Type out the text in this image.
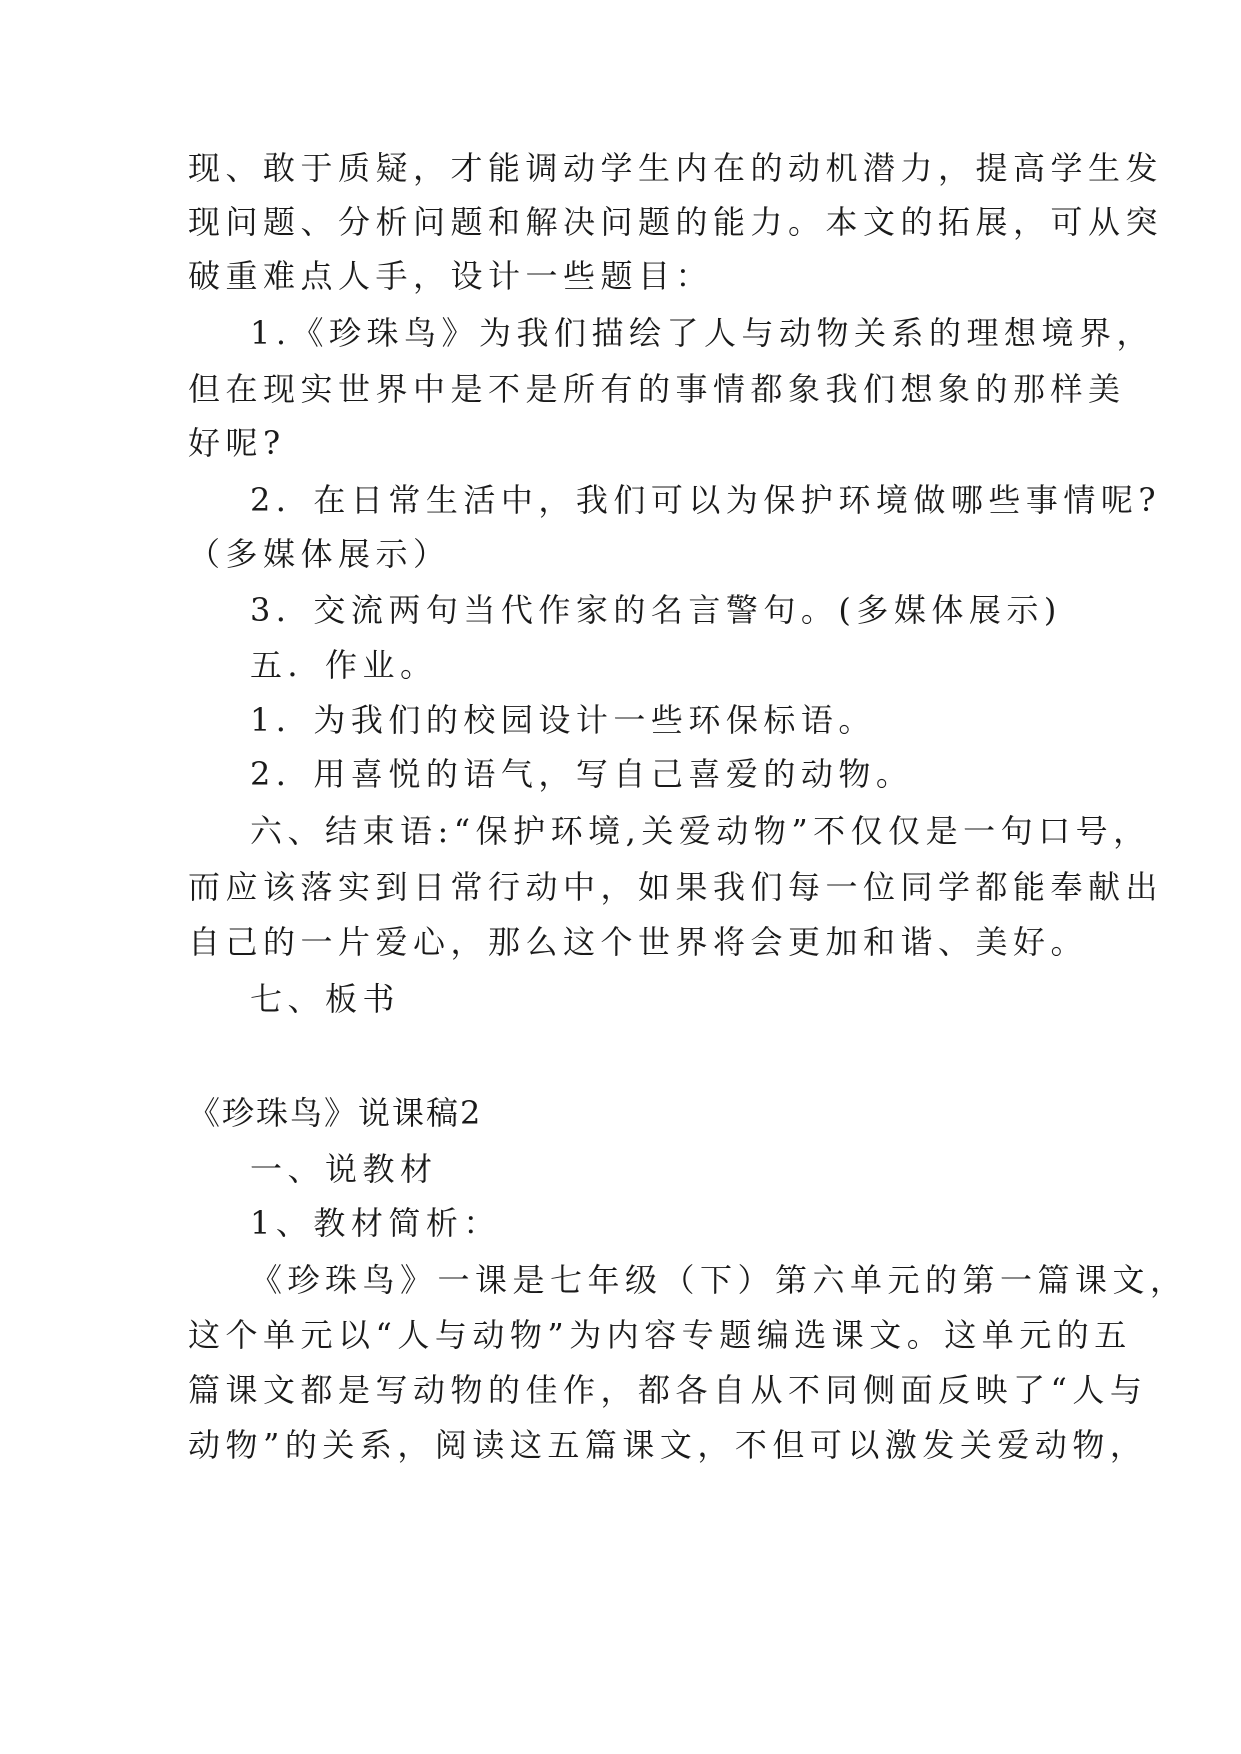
现、敢于质疑，才能调动学生内在的动机潜力，提高学生发
现问题、分析问题和解决问题的能力。本文的拓展，可从突
破重难点人手，设计一些题目：
1.《珍珠鸟》为我们描绘了人与动物关系的理想境界，
但在现实世界中是不是所有的事情都象我们想象的那样美
好呢?
2．在日常生活中，我们可以为保护环境做哪些事情呢?
（多媒体展示）
3．交流两句当代作家的名言警句。(多媒体展示)
五．作业。
1．为我们的校园设计一些环保标语。
2．用喜悦的语气，写自己喜爱的动物。
六、结束语:“保护环境,关爱动物”不仅仅是一句口号，
而应该落实到日常行动中，如果我们每一位同学都能奉献出
自己的一片爱心，那么这个世界将会更加和谐、美好。
七、板书
《珍珠鸟》说课稿2
一、说教材
1、教材简析：
《珍珠鸟》一课是七年级（下）第六单元的第一篇课文，
这个单元以“人与动物”为内容专题编选课文。这单元的五
篇课文都是写动物的佳作，都各自从不同侧面反映了“人与
动物”的关系，阅读这五篇课文，不但可以激发关爱动物，
